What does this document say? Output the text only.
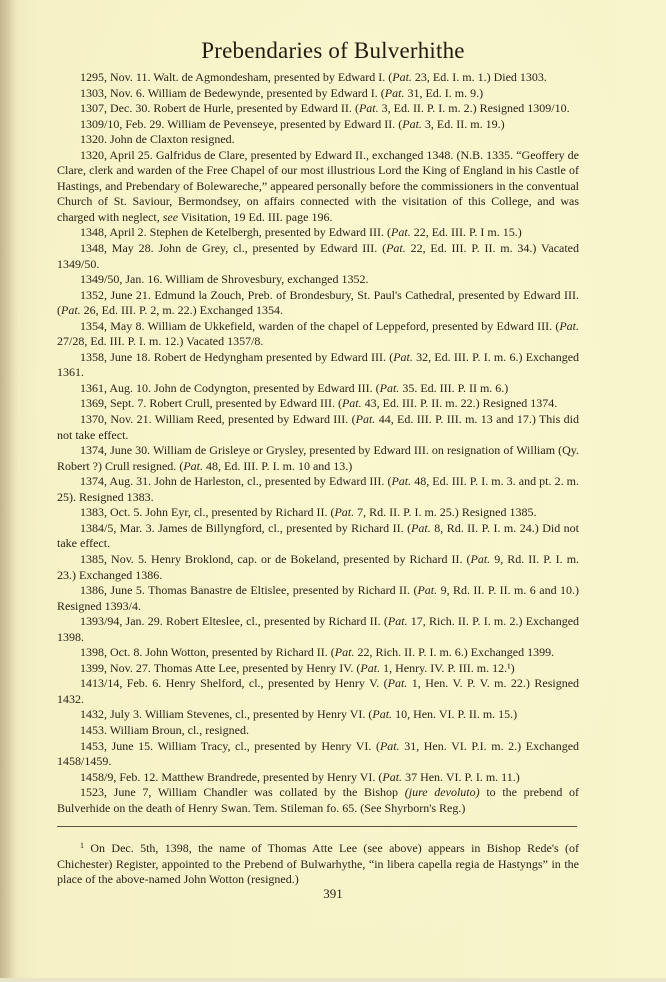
Prebendaries of Bulverhithe

1295, Nov. 11. Walt. de Agmondesham, presented by Edward I. (Pat. 23, Ed. I. m. 1.) Died 1303.

1303, Nov. 6. William de Bedewynde, presented by Edward I. (Pat. 31, Ed. I. m. 9.)

1307, Dec. 30. Robert de Hurle, presented by Edward II. (Pat. 3, Ed. II. P. I. m. 2.) Resigned 1309/10.

1309/10, Feb. 29. William de Pevenseye, presented by Edward II. (Pat. 3, Ed. II. m. 19.)

1320. John de Claxton resigned.

1320, April 25. Galfridus de Clare, presented by Edward II., exchanged 1348. (N.B. 1335. “Geoffery de Clare, clerk and warden of the Free Chapel of our most illustrious Lord the King of England in his Castle of Hastings, and Prebendary of Bolewareche,” appeared personally before the commissioners in the conventual Church of St. Saviour, Bermondsey, on affairs connected with the visitation of this College, and was charged with neglect, see Visitation, 19 Ed. III. page 196.

1348, April 2. Stephen de Ketelbergh, presented by Edward III. (Pat. 22, Ed. III. P. I m. 15.)

1348, May 28. John de Grey, cl., presented by Edward III. (Pat. 22, Ed. III. P. II. m. 34.) Vacated 1349/50.

1349/50, Jan. 16. William de Shrovesbury, exchanged 1352.

1352, June 21. Edmund la Zouch, Preb. of Brondesbury, St. Paul's Cathedral, presented by Edward III. (Pat. 26, Ed. III. P. 2, m. 22.) Exchanged 1354.

1354, May 8. William de Ukkefield, warden of the chapel of Leppeford, presented by Edward III. (Pat. 27/28, Ed. III. P. I. m. 12.) Vacated 1357/8.

1358, June 18. Robert de Hedyngham presented by Edward III. (Pat. 32, Ed. III. P. I. m. 6.) Exchanged 1361.

1361, Aug. 10. John de Codyngton, presented by Edward III. (Pat. 35. Ed. III. P. II m. 6.)

1369, Sept. 7. Robert Crull, presented by Edward III. (Pat. 43, Ed. III. P. II. m. 22.) Resigned 1374.

1370, Nov. 21. William Reed, presented by Edward III. (Pat. 44, Ed. III. P. III. m. 13 and 17.) This did not take effect.

1374, June 30. William de Grisleye or Grysley, presented by Edward III. on resignation of William (Qy. Robert ?) Crull resigned. (Pat. 48, Ed. III. P. I. m. 10 and 13.)

1374, Aug. 31. John de Harleston, cl., presented by Edward III. (Pat. 48, Ed. III. P. I. m. 3. and pt. 2. m. 25). Resigned 1383.

1383, Oct. 5. John Eyr, cl., presented by Richard II. (Pat. 7, Rd. II. P. I. m. 25.) Resigned 1385.

1384/5, Mar. 3. James de Billyngford, cl., presented by Richard II. (Pat. 8, Rd. II. P. I. m. 24.) Did not take effect.

1385, Nov. 5. Henry Broklond, cap. or de Bokeland, presented by Richard II. (Pat. 9, Rd. II. P. I. m. 23.) Exchanged 1386.

1386, June 5. Thomas Banastre de Eltislee, presented by Richard II. (Pat. 9, Rd. II. P. II. m. 6 and 10.) Resigned 1393/4.

1393/94, Jan. 29. Robert Elteslee, cl., presented by Richard II. (Pat. 17, Rich. II. P. I. m. 2.) Exchanged 1398.

1398, Oct. 8. John Wotton, presented by Richard II. (Pat. 22, Rich. II. P. I. m. 6.) Exchanged 1399.

1399, Nov. 27. Thomas Atte Lee, presented by Henry IV. (Pat. 1, Henry. IV. P. III. m. 12.¹)

1413/14, Feb. 6. Henry Shelford, cl., presented by Henry V. (Pat. 1, Hen. V. P. V. m. 22.) Resigned 1432.

1432, July 3. William Stevenes, cl., presented by Henry VI. (Pat. 10, Hen. VI. P. II. m. 15.)

1453. William Broun, cl., resigned.

1453, June 15. William Tracy, cl., presented by Henry VI. (Pat. 31, Hen. VI. P.I. m. 2.) Exchanged 1458/1459.

1458/9, Feb. 12. Matthew Brandrede, presented by Henry VI. (Pat. 37 Hen. VI. P. I. m. 11.)

1523, June 7, William Chandler was collated by the Bishop (jure devoluto) to the prebend of Bulverhide on the death of Henry Swan. Tem. Stileman fo. 65. (See Shyrborn's Reg.)

$^1$ On Dec. 5th, 1398, the name of Thomas Atte Lee (see above) appears in Bishop Rede's (of Chichester) Register, appointed to the Prebend of Bulwarhythe, “in libera capella regia de Hastyngs” in the place of the above-named John Wotton (resigned.)
391
